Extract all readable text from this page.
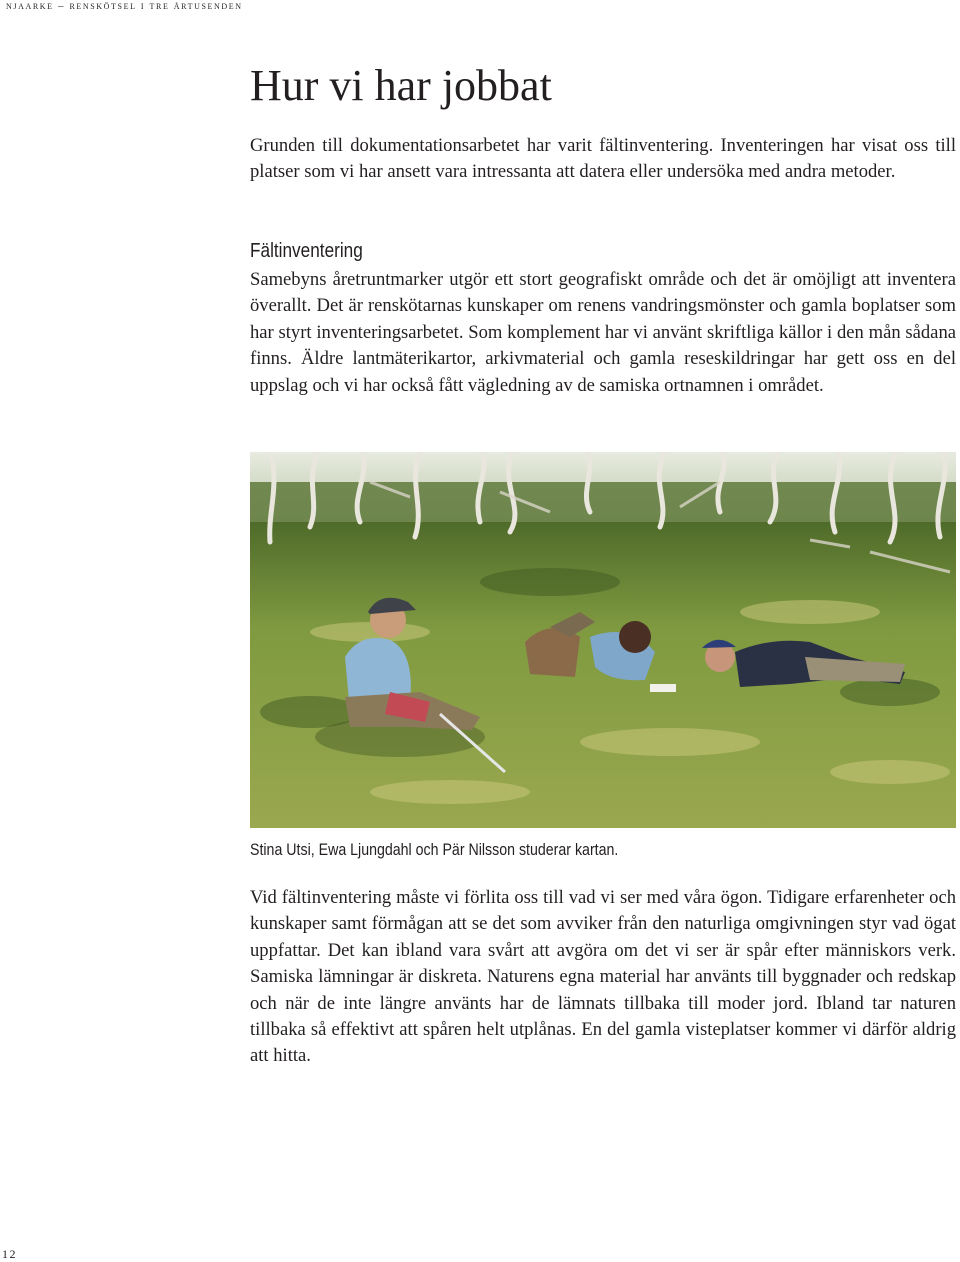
njaarke – renskötsel i tre årtusenden
Hur vi har jobbat

Grunden till dokumentationsarbetet har varit fältinventering. Inventeringen har visat oss till platser som vi har ansett vara intressanta att datera eller undersöka med andra metoder.

Fältinventering

Samebyns åretruntmarker utgör ett stort geografiskt område och det är omöjligt att inventera överallt. Det är renskötarnas kunskaper om renens vandringsmönster och gamla boplatser som har styrt inventeringsarbetet. Som komplement har vi använt skriftliga källor i den mån sådana finns. Äldre lantmäterikartor, arkivmaterial och gamla reseskildringar har gett oss en del uppslag och vi har också fått vägledning av de samiska ortnamnen i området.

Stina Utsi, Ewa Ljungdahl och Pär Nilsson studerar kartan.

Vid fältinventering måste vi förlita oss till vad vi ser med våra ögon. Tidigare erfarenheter och kunskaper samt förmågan att se det som avviker från den naturliga omgivningen styr vad ögat uppfattar. Det kan ibland vara svårt att avgöra om det vi ser är spår efter människors verk. Samiska lämningar är diskreta. Naturens egna material har använts till byggnader och redskap och när de inte längre använts har de lämnats tillbaka till moder jord. Ibland tar naturen tillbaka så effektivt att spåren helt utplånas. En del gamla visteplatser kommer vi därför aldrig att hitta.

12
